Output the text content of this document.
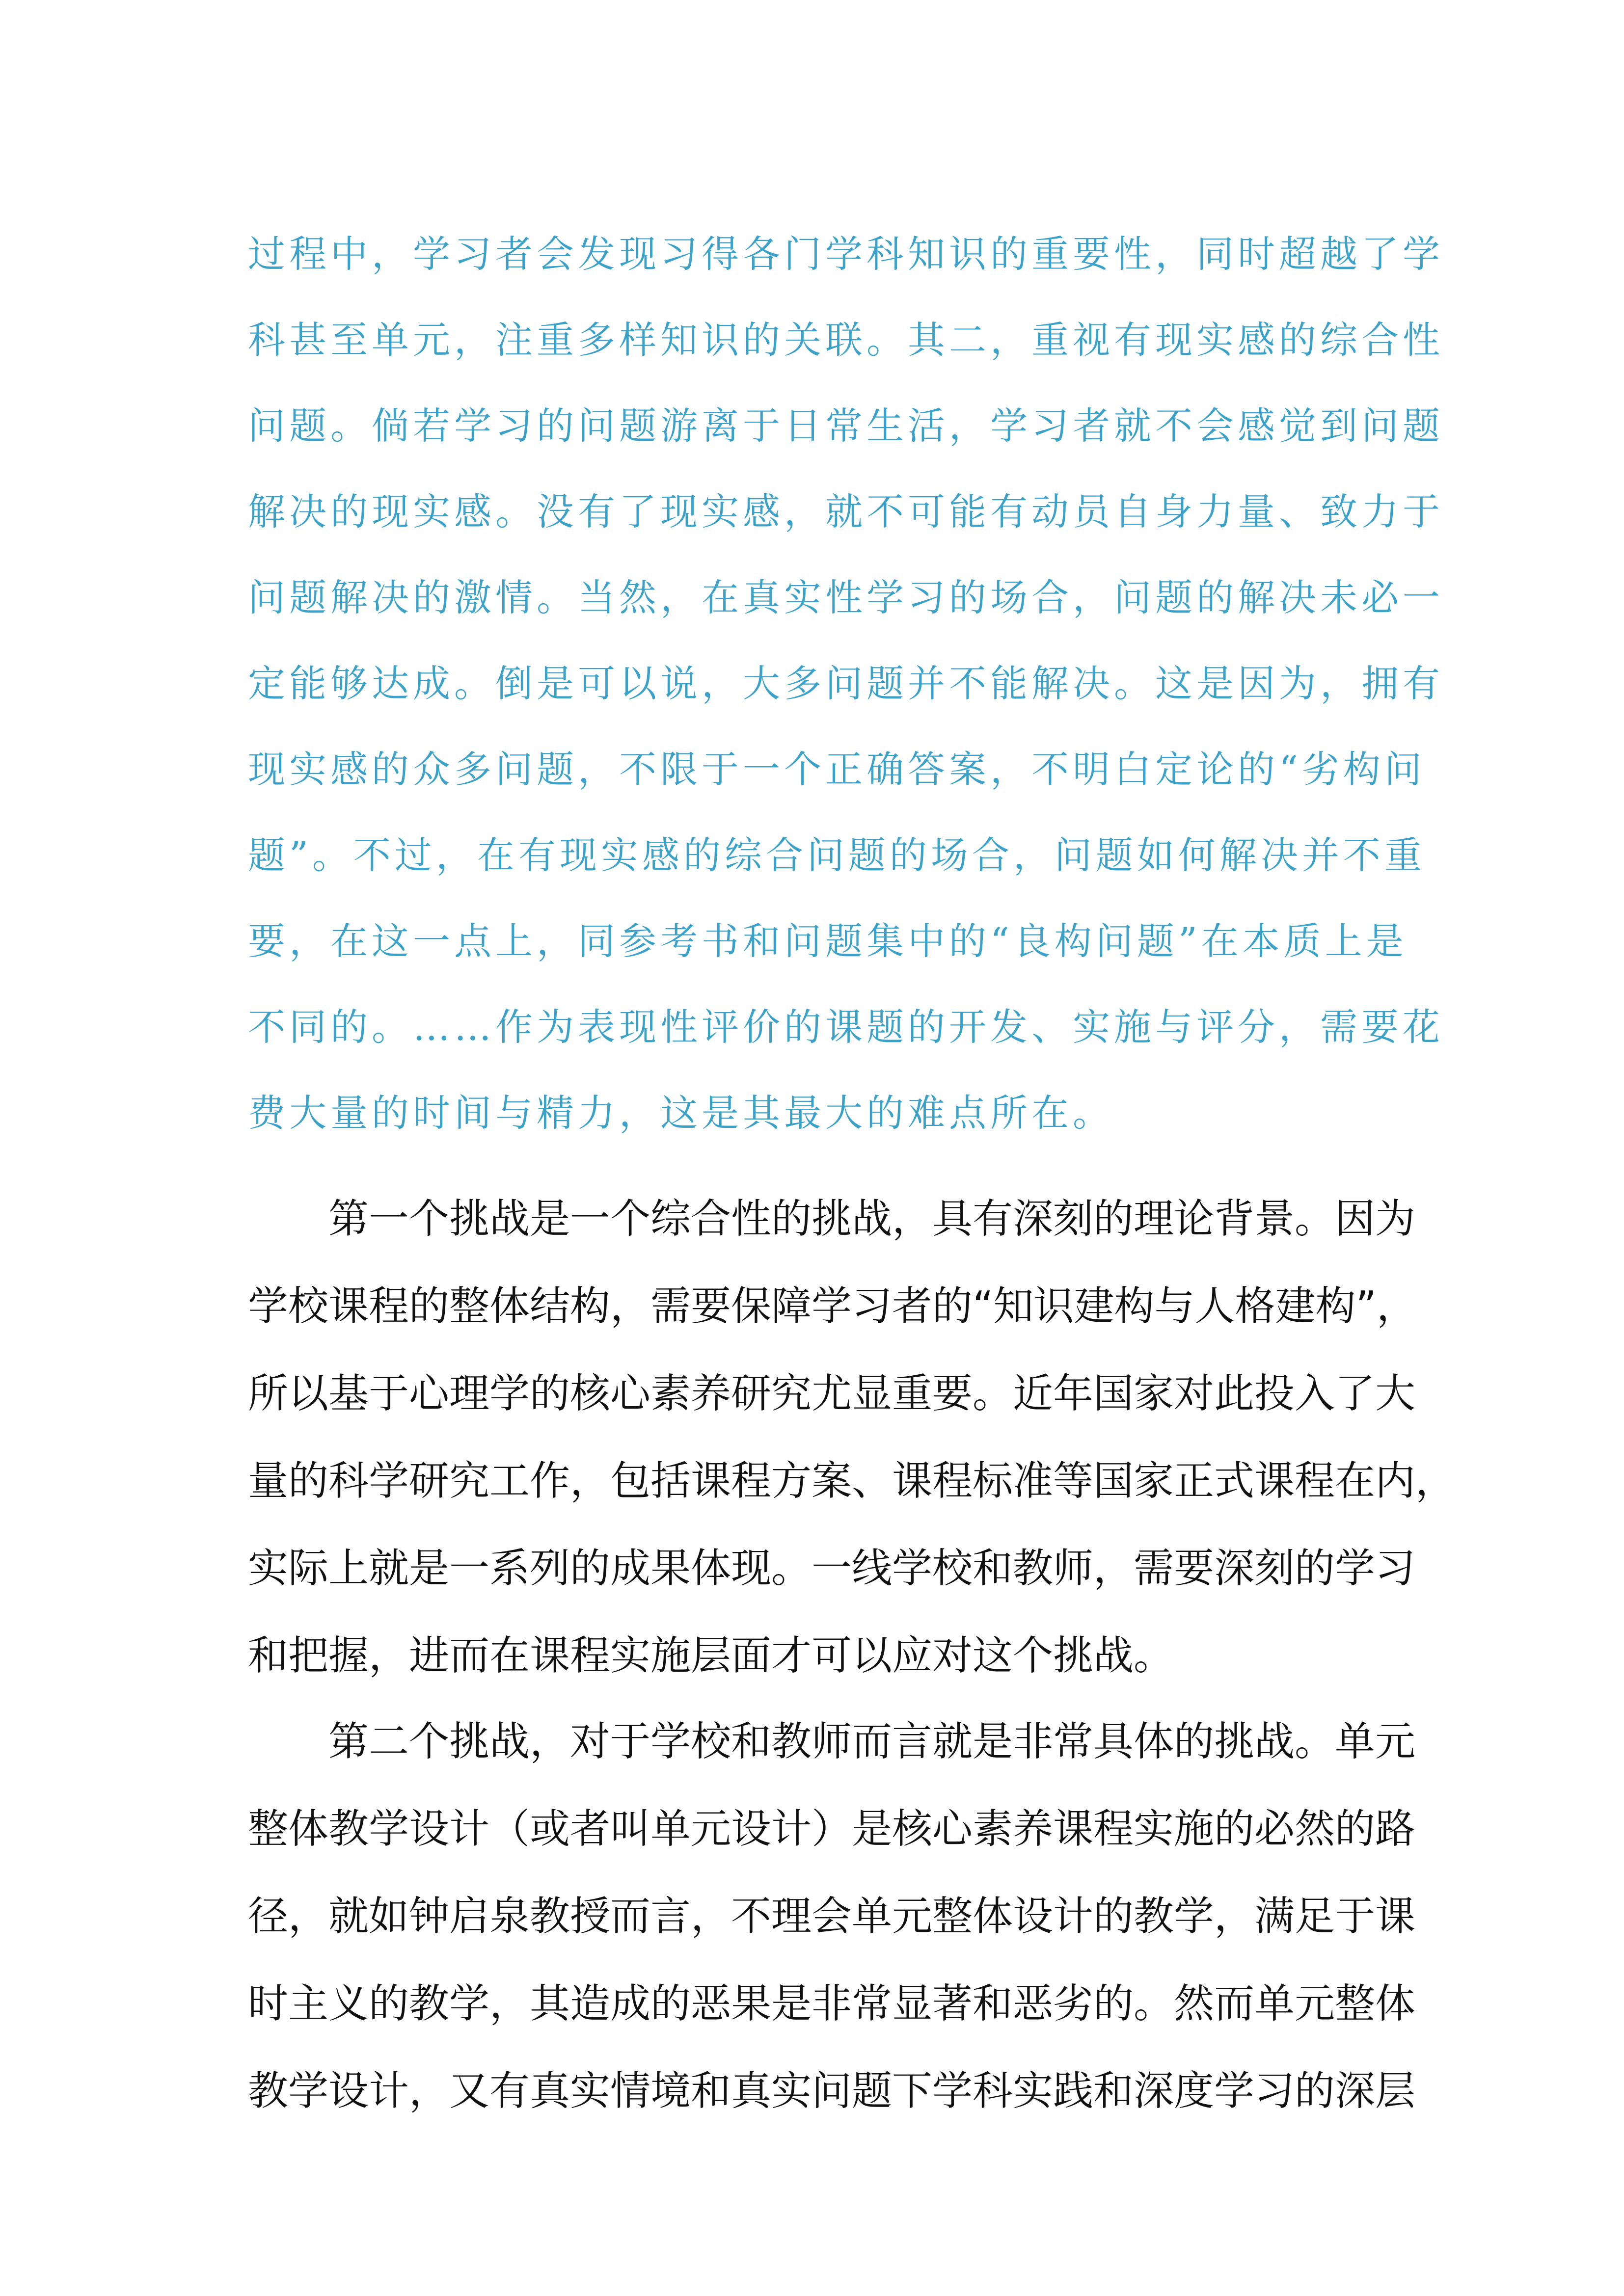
过程中，学习者会发现习得各门学科知识的重要性，同时超越了学
科甚至单元，注重多样知识的关联。其二，重视有现实感的综合性
问题。倘若学习的问题游离于日常生活，学习者就不会感觉到问题
解决的现实感。没有了现实感，就不可能有动员自身力量、致力于
问题解决的激情。当然，在真实性学习的场合，问题的解决未必一
定能够达成。倒是可以说，大多问题并不能解决。这是因为，拥有
现实感的众多问题，不限于一个正确答案，不明白定论的“劣构问
题”。不过，在有现实感的综合问题的场合，问题如何解决并不重
要，在这一点上，同参考书和问题集中的“良构问题”在本质上是
不同的。……作为表现性评价的课题的开发、实施与评分，需要花
费大量的时间与精力，这是其最大的难点所在。
　　第一个挑战是一个综合性的挑战，具有深刻的理论背景。因为
学校课程的整体结构，需要保障学习者的“知识建构与人格建构”，
所以基于心理学的核心素养研究尤显重要。近年国家对此投入了大
量的科学研究工作，包括课程方案、课程标准等国家正式课程在内，
实际上就是一系列的成果体现。一线学校和教师，需要深刻的学习
和把握，进而在课程实施层面才可以应对这个挑战。
　　第二个挑战，对于学校和教师而言就是非常具体的挑战。单元
整体教学设计（或者叫单元设计）是核心素养课程实施的必然的路
径，就如钟启泉教授而言，不理会单元整体设计的教学，满足于课
时主义的教学，其造成的恶果是非常显著和恶劣的。然而单元整体
教学设计，又有真实情境和真实问题下学科实践和深度学习的深层
